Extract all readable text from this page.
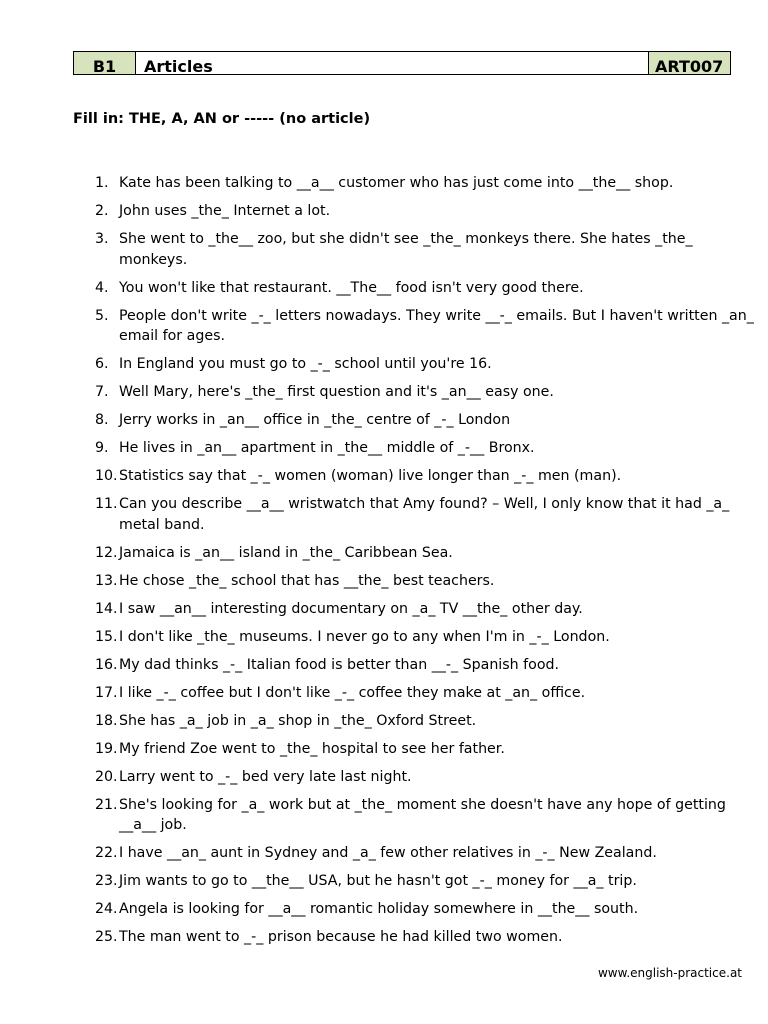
B1	Articles	ART007
Fill in: THE, A, AN or ----- (no article)
1. Kate has been talking to __a__ customer who has just come into __the__ shop.
2. John uses _the_ Internet a lot.
3. She went to _the__ zoo, but she didn't see _the_ monkeys there. She hates _the_ monkeys.
4. You won't like that restaurant. __The__ food isn't very good there.
5. People don't write _-_ letters nowadays. They write __-_ emails. But I haven't written _an_ email for ages.
6. In England you must go to _-_ school until you're 16.
7. Well Mary, here's _the_ first question and it's _an__ easy one.
8. Jerry works in _an__ office in _the_ centre of _-_ London
9. He lives in _an__ apartment in _the__ middle of _-__ Bronx.
10. Statistics say that _-_ women (woman) live longer than _-_ men (man).
11. Can you describe __a__ wristwatch that Amy found? – Well, I only know that it had _a_ metal band.
12. Jamaica is _an__ island in _the_ Caribbean Sea.
13. He chose _the_ school that has __the_ best teachers.
14. I saw __an__ interesting documentary on _a_ TV __the_ other day.
15. I don't like _the_ museums. I never go to any when I'm in _-_ London.
16. My dad thinks _-_ Italian food is better than __-_ Spanish food.
17. I like _-_ coffee but I don't like _-_ coffee they make at _an_ office.
18. She has _a_ job in _a_ shop in _the_ Oxford Street.
19. My friend Zoe went to _the_ hospital to see her father.
20. Larry went to _-_ bed very late last night.
21. She's looking for _a_ work but at _the_ moment she doesn't have any hope of getting __a__ job.
22. I have __an_ aunt in Sydney and _a_ few other relatives in _-_ New Zealand.
23. Jim wants to go to __the__ USA, but he hasn't got _-_ money for __a_ trip.
24. Angela is looking for __a__ romantic holiday somewhere in __the__ south.
25. The man went to _-_ prison because he had killed two women.
www.english-practice.at
